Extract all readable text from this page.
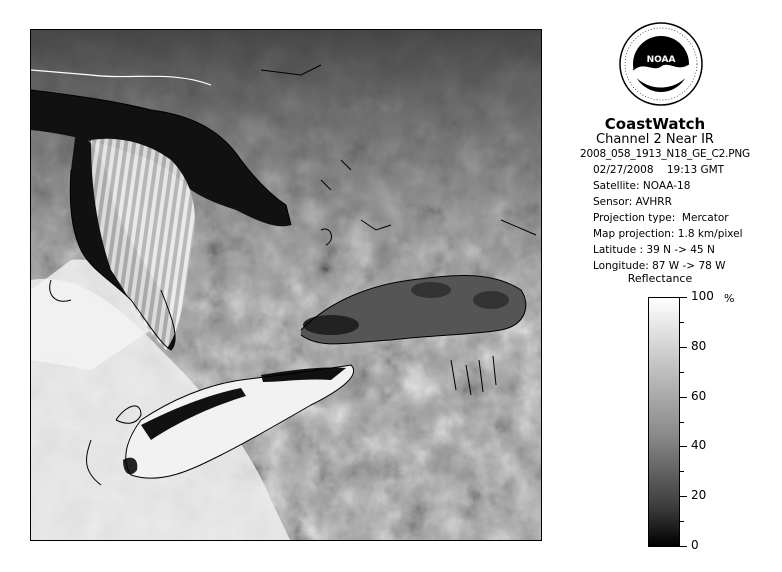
NOAA
CoastWatch
Channel 2 Near IR
2008_058_1913_N18_GE_C2.PNG
02/27/2008    19:13 GMT
Satellite: NOAA-18
Sensor: AVHRR
Projection type:  Mercator
Map projection: 1.8 km/pixel
Latitude : 39 N -> 45 N
Longitude: 87 W -> 78 W
Reflectance
%
100
80
60
40
20
0
